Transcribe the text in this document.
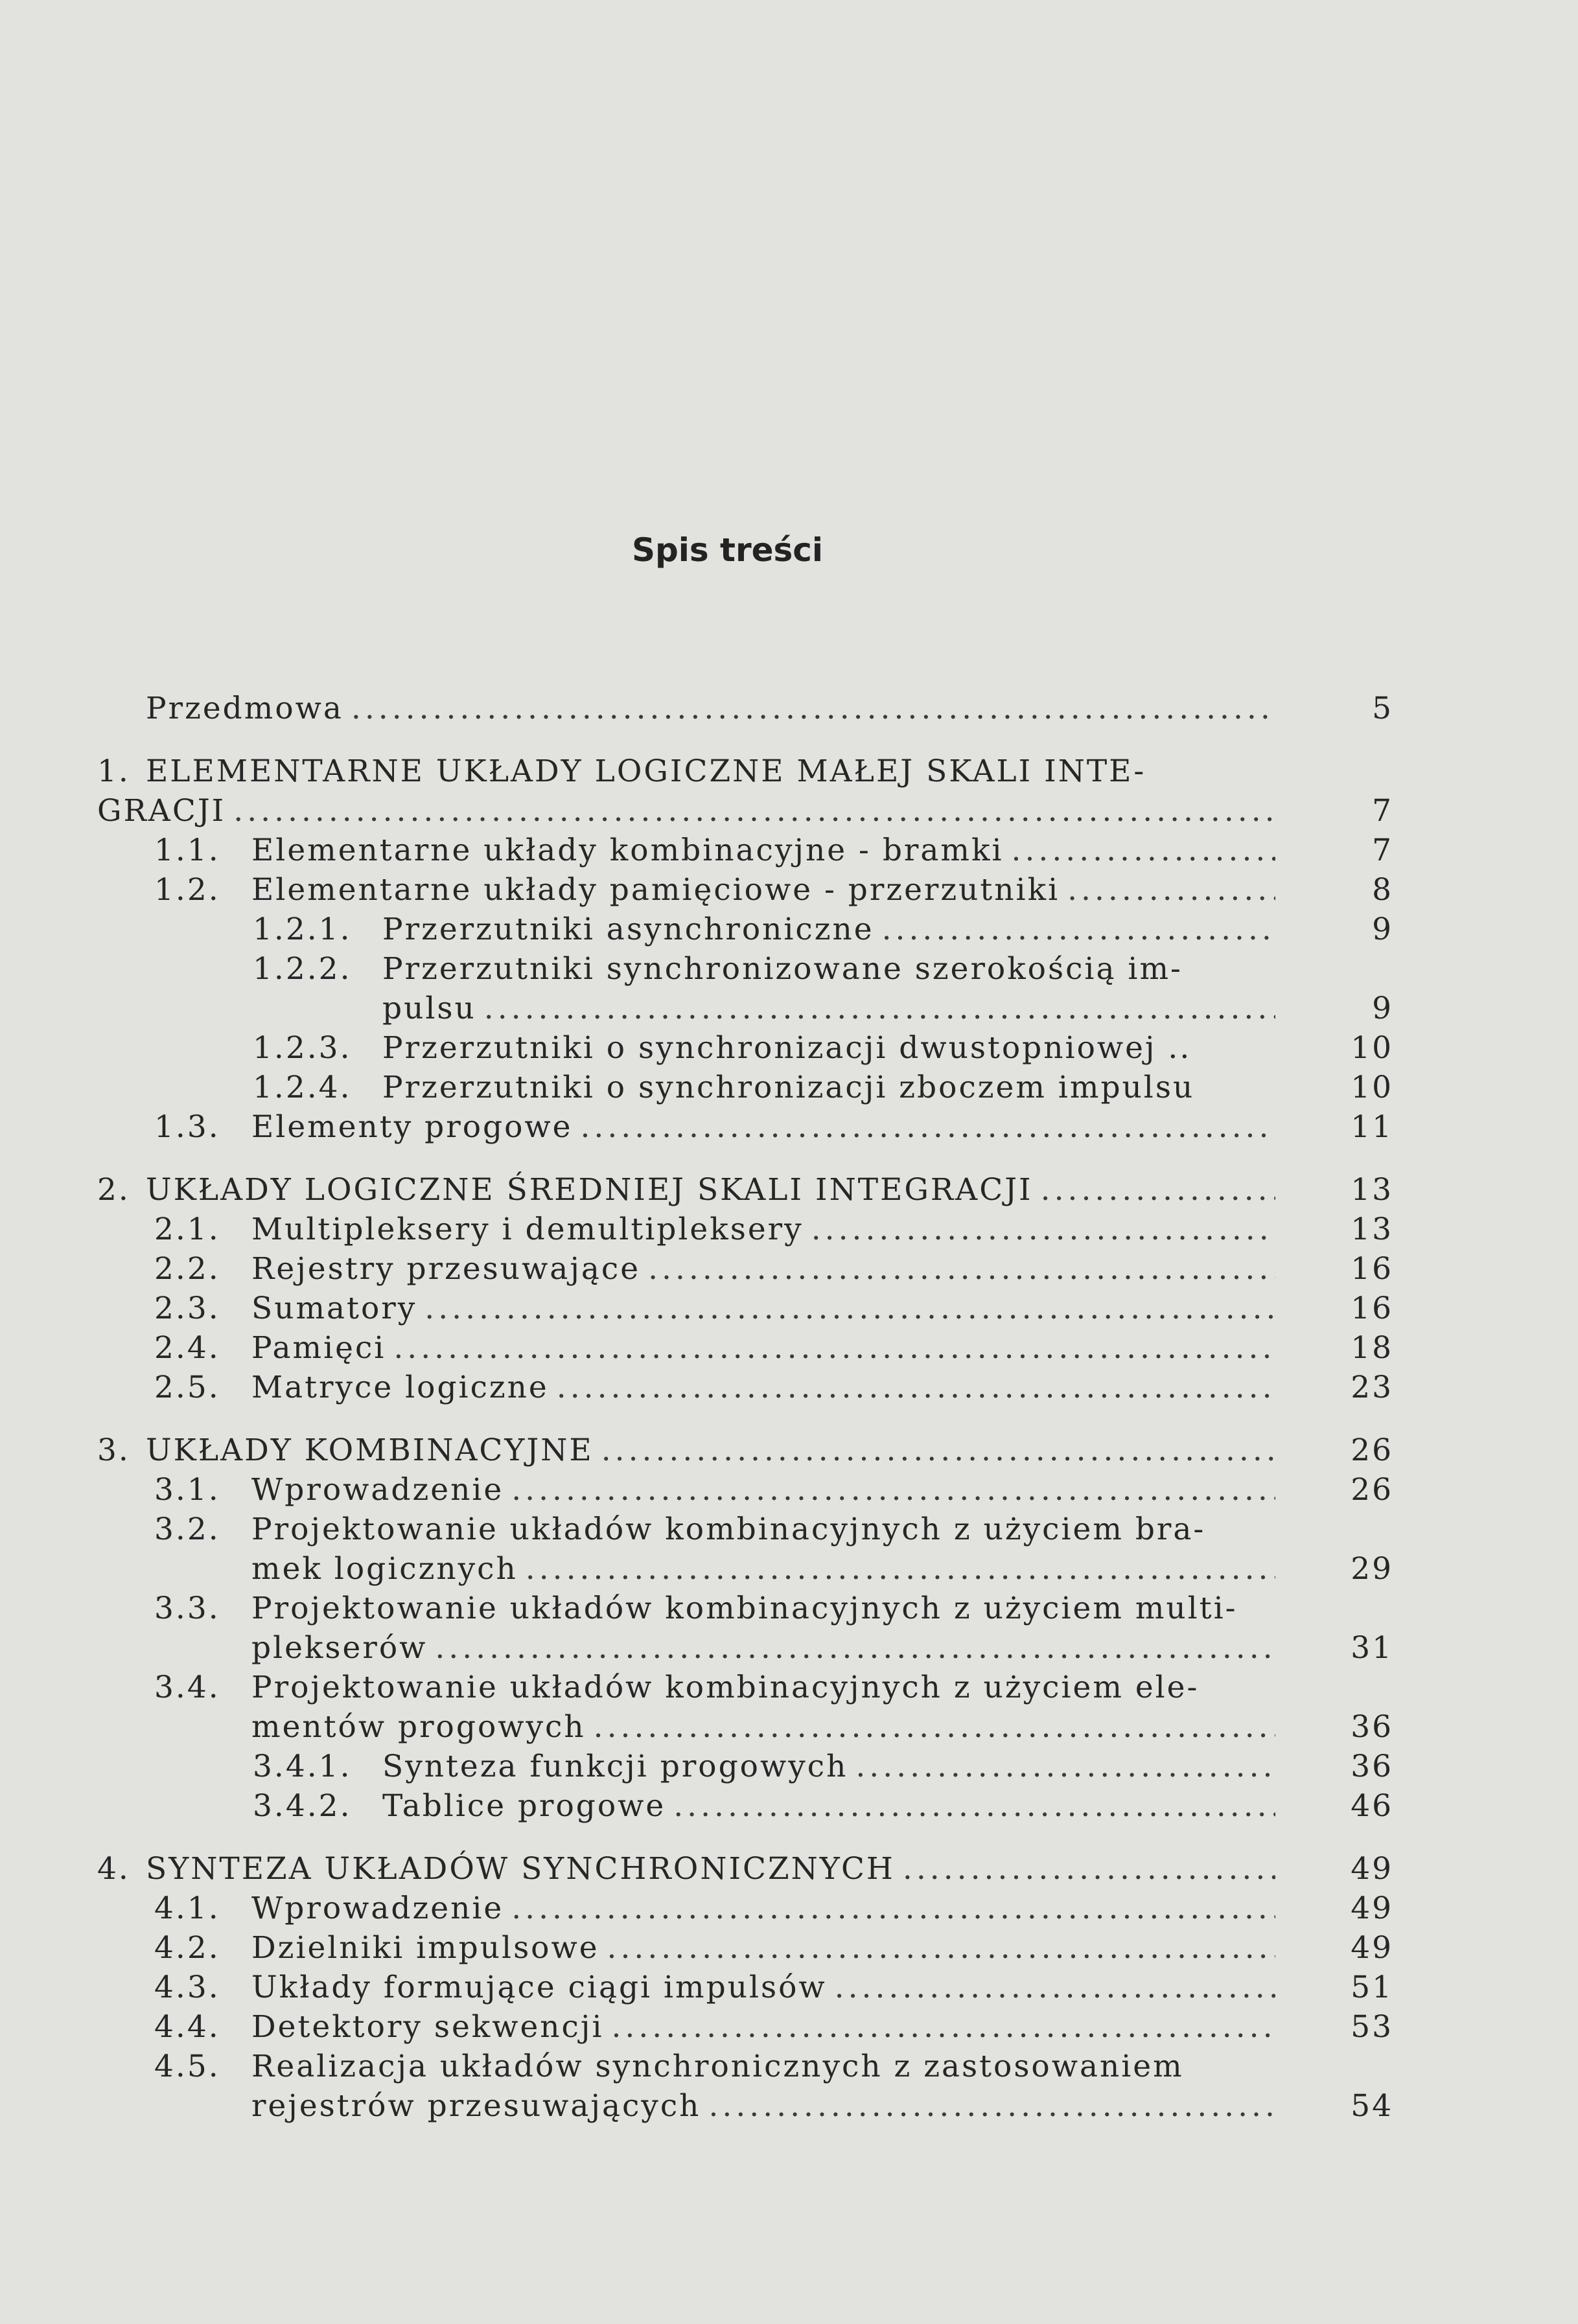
Spis treści
Przedmowa .....	5
1. ELEMENTARNE UKŁADY LOGICZNE MAŁEJ SKALI INTE-
GRACJI .....	7
1.1.	Elementarne układy kombinacyjne - bramki .....	7
1.2.	Elementarne układy pamięciowe - przerzutniki .....	8
1.2.1.	Przerzutniki asynchroniczne .....	9
1.2.2.	Przerzutniki synchronizowane szerokością im-
pulsu .....	9
1.2.3.	Przerzutniki o synchronizacji dwustopniowej ..	10
1.2.4.	Przerzutniki o synchronizacji zboczem impulsu	10
1.3.	Elementy progowe .....	11
2. UKŁADY LOGICZNE ŚREDNIEJ SKALI INTEGRACJI .....	13
2.1.	Multipleksery i demultipleksery .....	13
2.2.	Rejestry przesuwające .....	16
2.3.	Sumatory .....	16
2.4.	Pamięci .....	18
2.5.	Matryce logiczne .....	23
3. UKŁADY KOMBINACYJNE .....	26
3.1.	Wprowadzenie .....	26
3.2.	Projektowanie układów kombinacyjnych z użyciem bra-
mek logicznych .....	29
3.3.	Projektowanie układów kombinacyjnych z użyciem multi-
plekserów .....	31
3.4.	Projektowanie układów kombinacyjnych z użyciem ele-
mentów progowych .....	36
3.4.1.	Synteza funkcji progowych .....	36
3.4.2.	Tablice progowe .....	46
4. SYNTEZA UKŁADÓW SYNCHRONICZNYCH .....	49
4.1.	Wprowadzenie .....	49
4.2.	Dzielniki impulsowe .....	49
4.3.	Układy formujące ciągi impulsów .....	51
4.4.	Detektory sekwencji .....	53
4.5.	Realizacja układów synchronicznych z zastosowaniem
rejestrów przesuwających .....	54
